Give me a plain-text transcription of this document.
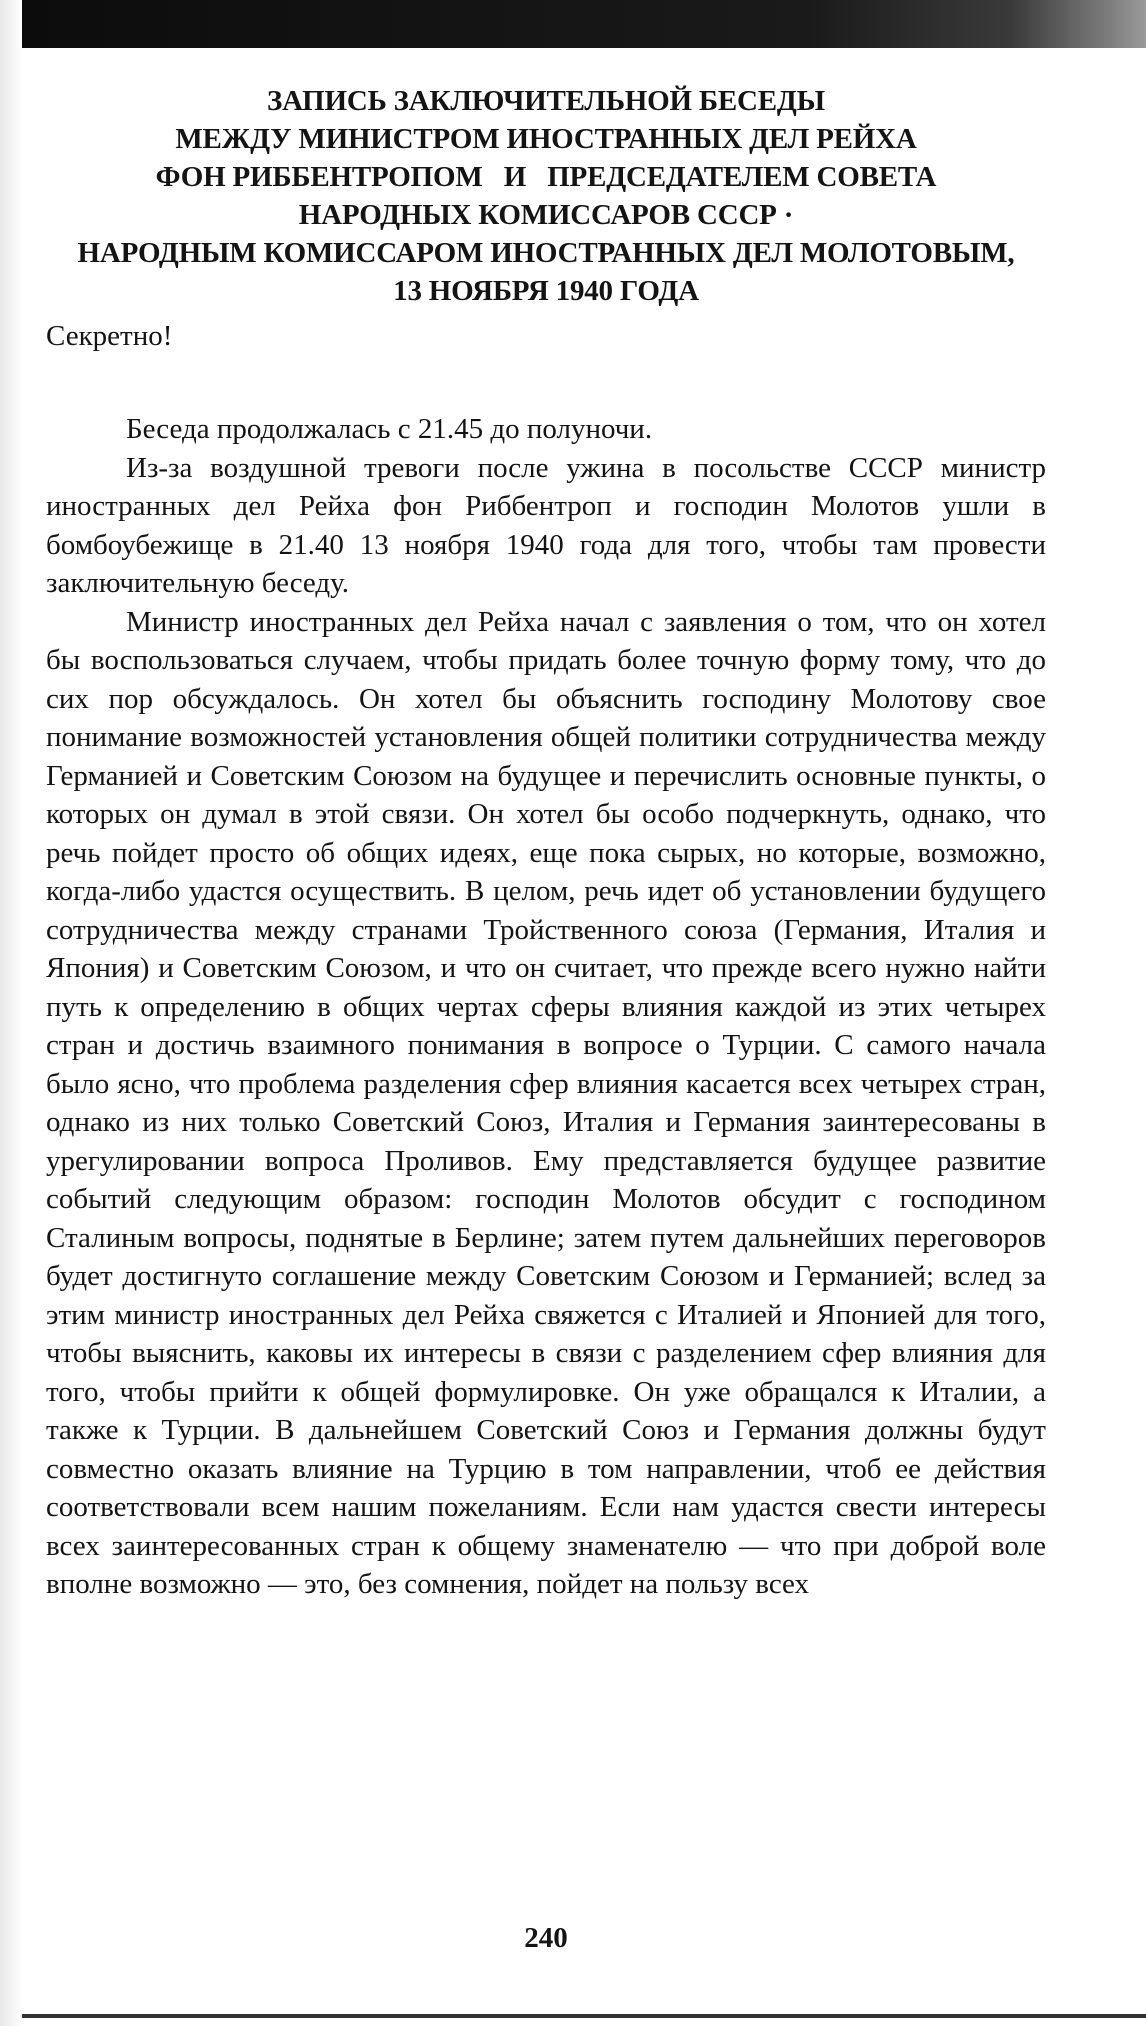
ЗАПИСЬ ЗАКЛЮЧИТЕЛЬНОЙ БЕСЕДЫ
МЕЖДУ МИНИСТРОМ ИНОСТРАННЫХ ДЕЛ РЕЙХА
ФОН РИББЕНТРОПОМ   И   ПРЕДСЕДАТЕЛЕМ СОВЕТА
НАРОДНЫХ КОМИССАРОВ СССР ·
НАРОДНЫМ КОМИССАРОМ ИНОСТРАННЫХ ДЕЛ МОЛОТОВЫМ,
13 НОЯБРЯ 1940 ГОДА
Секретно!

Беседа продолжалась с 21.45 до полуночи.

Из-за воздушной тревоги после ужина в посольстве СССР министр иностранных дел Рейха фон Риббентроп и господин Молотов ушли в бомбоубежище в 21.40 13 ноября 1940 года для того, чтобы там провести заключительную беседу.

Министр иностранных дел Рейха начал с заявления о том, что он хотел бы воспользоваться случаем, чтобы придать более точную форму тому, что до сих пор обсуждалось. Он хотел бы объяснить господину Молотову свое понимание возможностей установления общей политики сотрудничества между Германией и Советским Союзом на будущее и перечислить основные пункты, о которых он думал в этой связи. Он хотел бы особо подчеркнуть, однако, что речь пойдет просто об общих идеях, еще пока сырых, но которые, возможно, когда-либо удастся осуществить. В целом, речь идет об установлении будущего сотрудничества между странами Тройственного союза (Германия, Италия и Япония) и Советским Союзом, и что он считает, что прежде всего нужно найти путь к определению в общих чертах сферы влияния каждой из этих четырех стран и достичь взаимного понимания в вопросе о Турции. С самого начала было ясно, что проблема разделения сфер влияния касается всех четырех стран, однако из них только Советский Союз, Италия и Германия заинтересованы в урегулировании вопроса Проливов. Ему представляется будущее развитие событий следующим образом: господин Молотов обсудит с господином Сталиным вопросы, поднятые в Берлине; затем путем дальнейших переговоров будет достигнуто соглашение между Советским Союзом и Германией; вслед за этим министр иностранных дел Рейха свяжется с Италией и Японией для того, чтобы выяснить, каковы их интересы в связи с разделением сфер влияния для того, чтобы прийти к общей формулировке. Он уже обращался к Италии, а также к Турции. В дальнейшем Советский Союз и Германия должны будут совместно оказать влияние на Турцию в том направлении, чтоб ее действия соответствовали всем нашим пожеланиям. Если нам удастся свести интересы всех заинтересованных стран к общему знаменателю — что при доброй воле вполне возможно — это, без сомнения, пойдет на пользу всех

240
